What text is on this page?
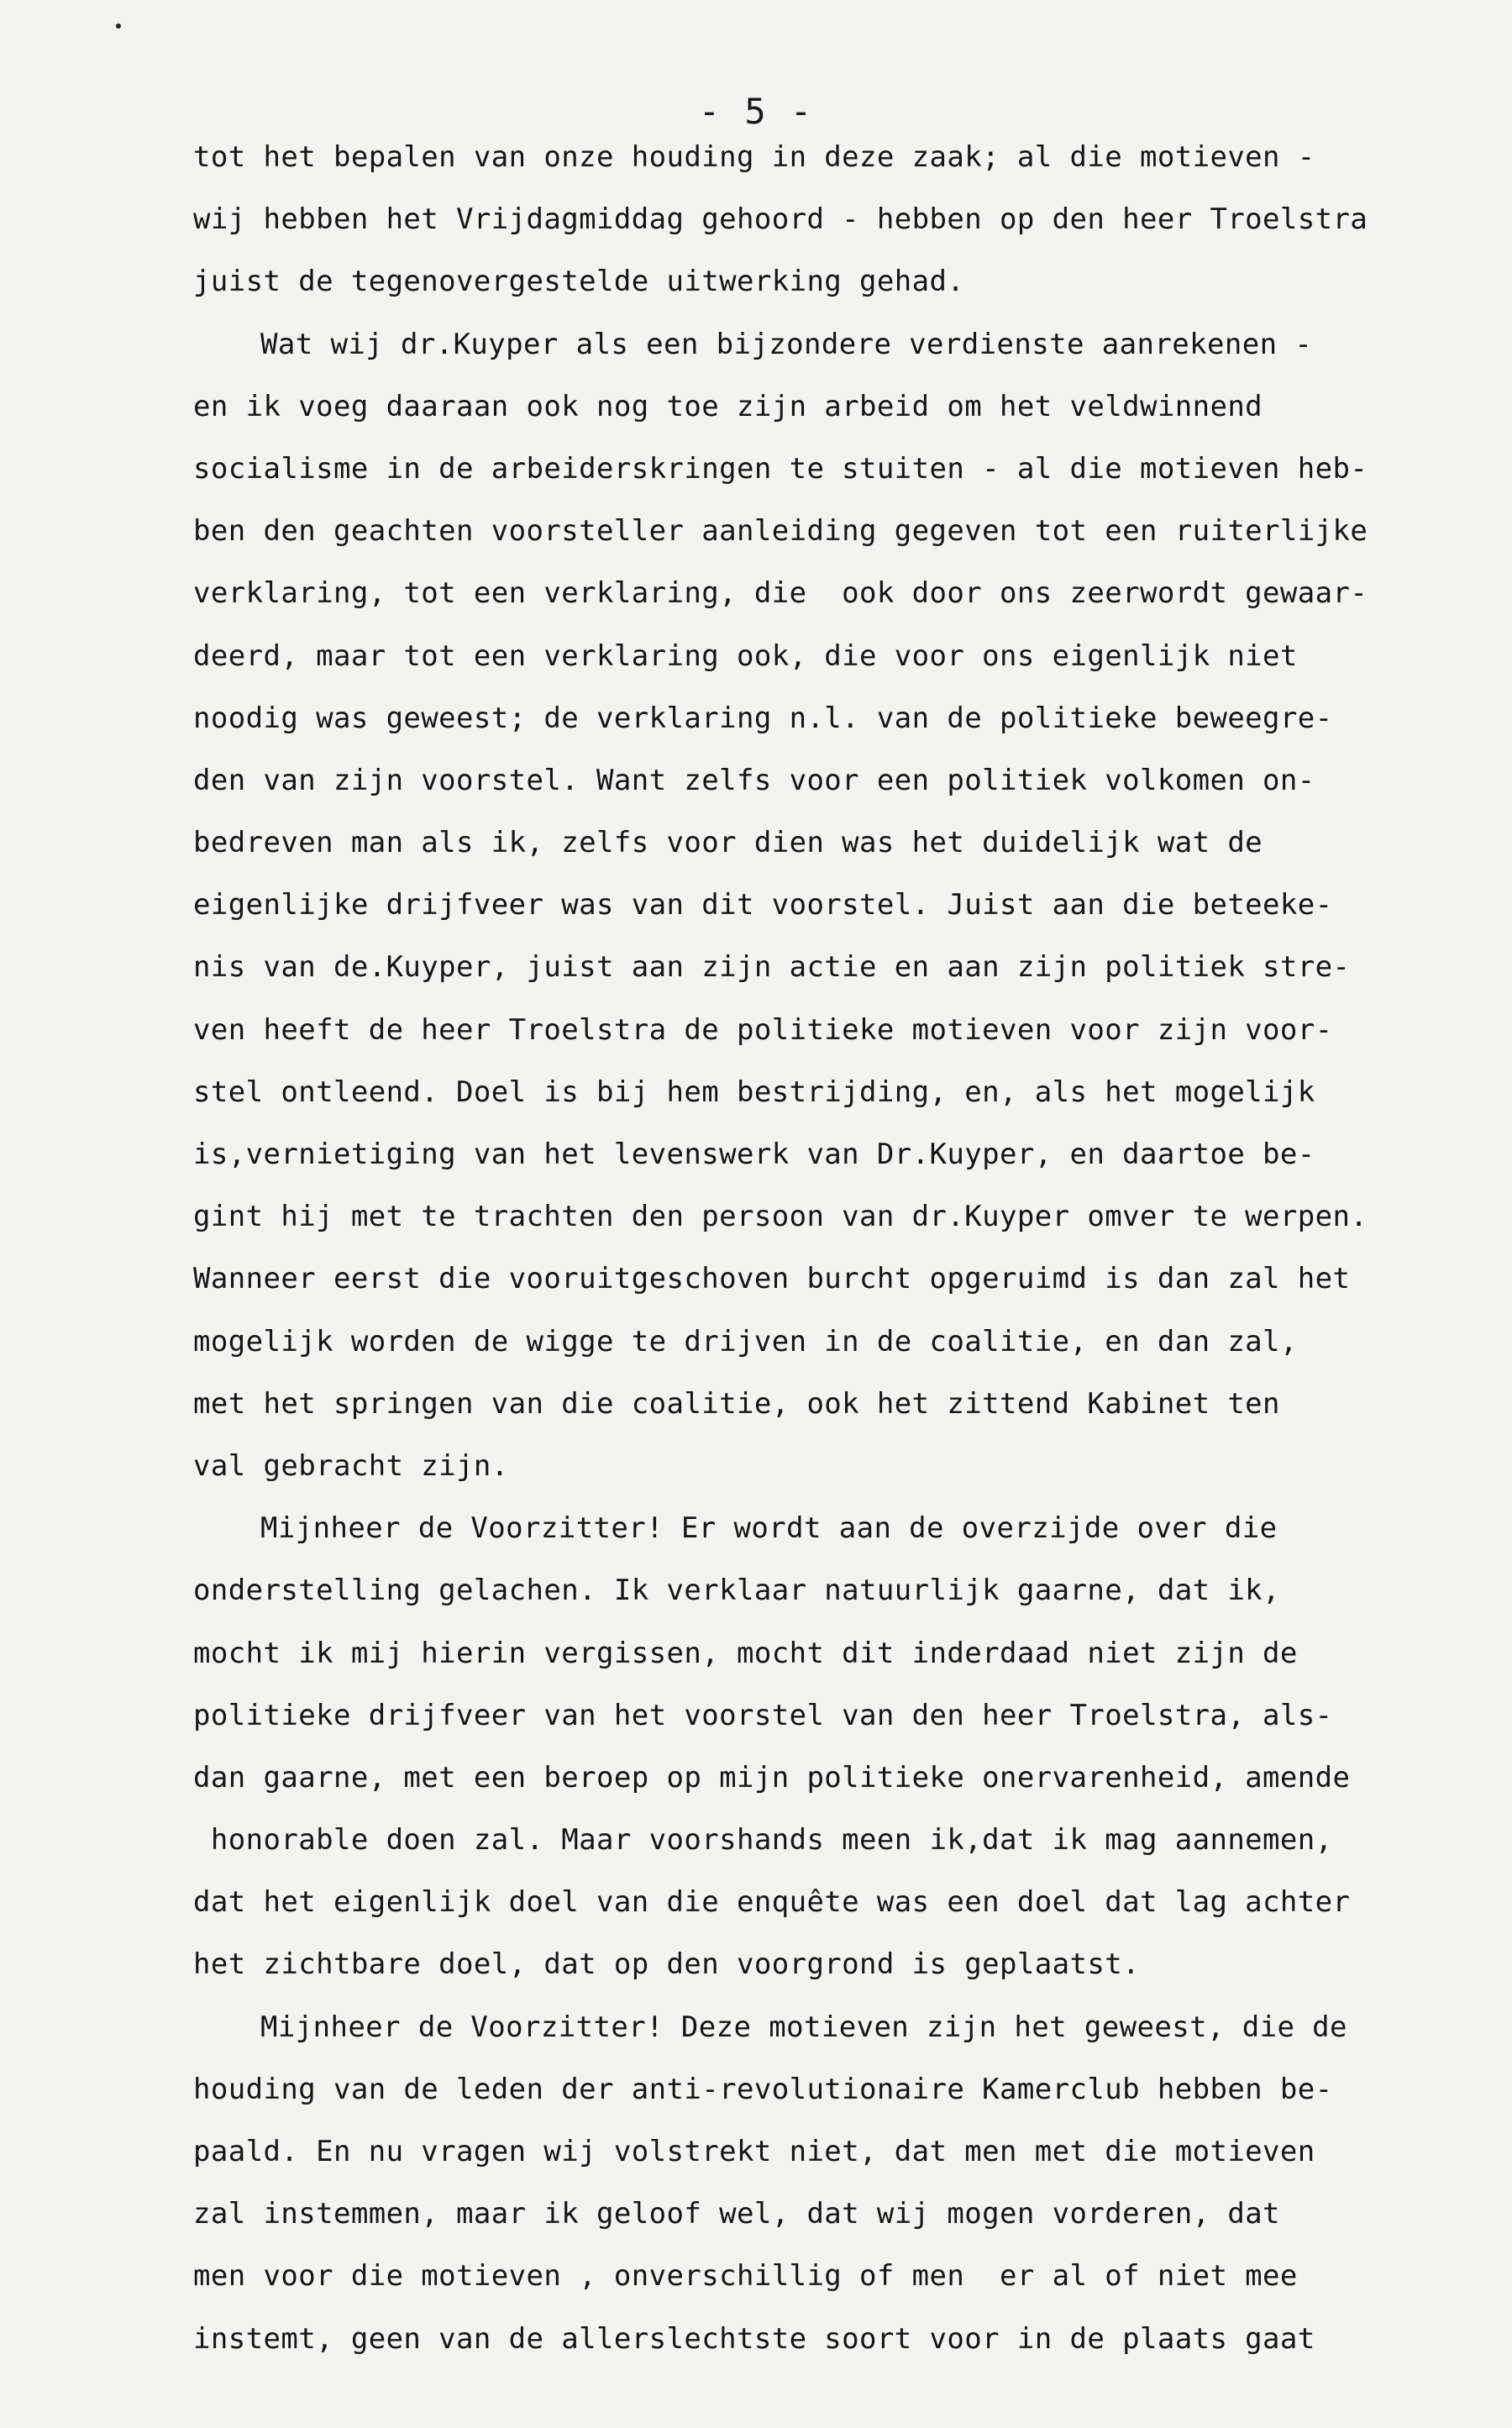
- 5 -
tot het bepalen van onze houding in deze zaak; al die motieven -
wij hebben het Vrijdagmiddag gehoord - hebben op den heer Troelstra
juist de tegenovergestelde uitwerking gehad.
Wat wij dr.Kuyper als een bijzondere verdienste aanrekenen -
en ik voeg daaraan ook nog toe zijn arbeid om het veldwinnend
socialisme in de arbeiderskringen te stuiten - al die motieven heb-
ben den geachten voorsteller aanleiding gegeven tot een ruiterlijke
verklaring, tot een verklaring, die  ook door ons zeerwordt gewaar-
deerd, maar tot een verklaring ook, die voor ons eigenlijk niet
noodig was geweest; de verklaring n.l. van de politieke beweegre-
den van zijn voorstel. Want zelfs voor een politiek volkomen on-
bedreven man als ik, zelfs voor dien was het duidelijk wat de
eigenlijke drijfveer was van dit voorstel. Juist aan die beteeke-
nis van de.Kuyper, juist aan zijn actie en aan zijn politiek stre-
ven heeft de heer Troelstra de politieke motieven voor zijn voor-
stel ontleend. Doel is bij hem bestrijding, en, als het mogelijk
is,vernietiging van het levenswerk van Dr.Kuyper, en daartoe be-
gint hij met te trachten den persoon van dr.Kuyper omver te werpen.
Wanneer eerst die vooruitgeschoven burcht opgeruimd is dan zal het
mogelijk worden de wigge te drijven in de coalitie, en dan zal,
met het springen van die coalitie, ook het zittend Kabinet ten
val gebracht zijn.
Mijnheer de Voorzitter! Er wordt aan de overzijde over die
onderstelling gelachen. Ik verklaar natuurlijk gaarne, dat ik,
mocht ik mij hierin vergissen, mocht dit inderdaad niet zijn de
politieke drijfveer van het voorstel van den heer Troelstra, als-
dan gaarne, met een beroep op mijn politieke onervarenheid, amende
honorable doen zal. Maar voorshands meen ik,dat ik mag aannemen,
dat het eigenlijk doel van die enquête was een doel dat lag achter
het zichtbare doel, dat op den voorgrond is geplaatst.
Mijnheer de Voorzitter! Deze motieven zijn het geweest, die de
houding van de leden der anti-revolutionaire Kamerclub hebben be-
paald. En nu vragen wij volstrekt niet, dat men met die motieven
zal instemmen, maar ik geloof wel, dat wij mogen vorderen, dat
men voor die motieven , onverschillig of men  er al of niet mee
instemt, geen van de allerslechtste soort voor in de plaats gaat
